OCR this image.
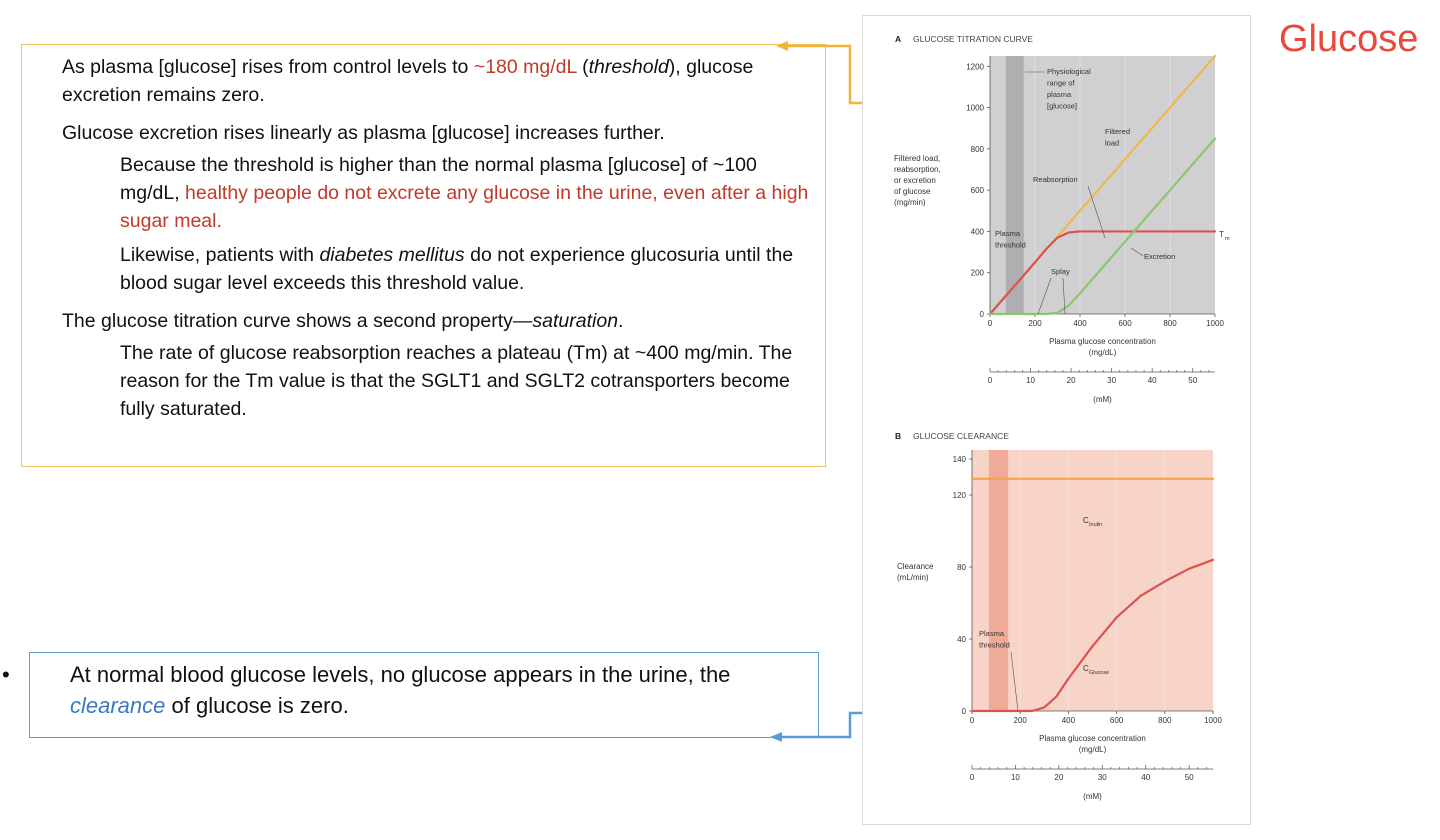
Glucose
• As plasma [glucose] rises from control levels to ~180 mg/dL (threshold), glucose excretion remains zero.
• Glucose excretion rises linearly as plasma [glucose] increases further.
• Because the threshold is higher than the normal plasma [glucose] of ~100 mg/dL, healthy people do not excrete any glucose in the urine, even after a high sugar meal.
• Likewise, patients with diabetes mellitus do not experience glucosuria until the blood sugar level exceeds this threshold value.
• The glucose titration curve shows a second property—saturation.
• The rate of glucose reabsorption reaches a plateau (Tm) at ~400 mg/min. The reason for the Tm value is that the SGLT1 and SGLT2 cotransporters become fully saturated.
• At normal blood glucose levels, no glucose appears in the urine, the clearance of glucose is zero.
A GLUCOSE TITRATION CURVE
0
200
400
600
800
1000
1200
0	200	400	600	800	1000
Plasma glucose concentration
(mg/dL)
0	10	20	30	40	50
(mM)
Filtered load,
reabsorption,
or excretion
of glucose
(mg/min)
Physiological
range of
plasma
[glucose]
Filtered
load
Reabsorption
Plasma
threshold
Splay
Excretion
T m
B GLUCOSE CLEARANCE
0
40
80
120
140
0	200	400	600	800	1000
Plasma glucose concentration
(mg/dL)
0	10	20	30	40	50
(mM)
Clearance
(mL/min)
C Inulin
C Glucose
Plasma
threshold
